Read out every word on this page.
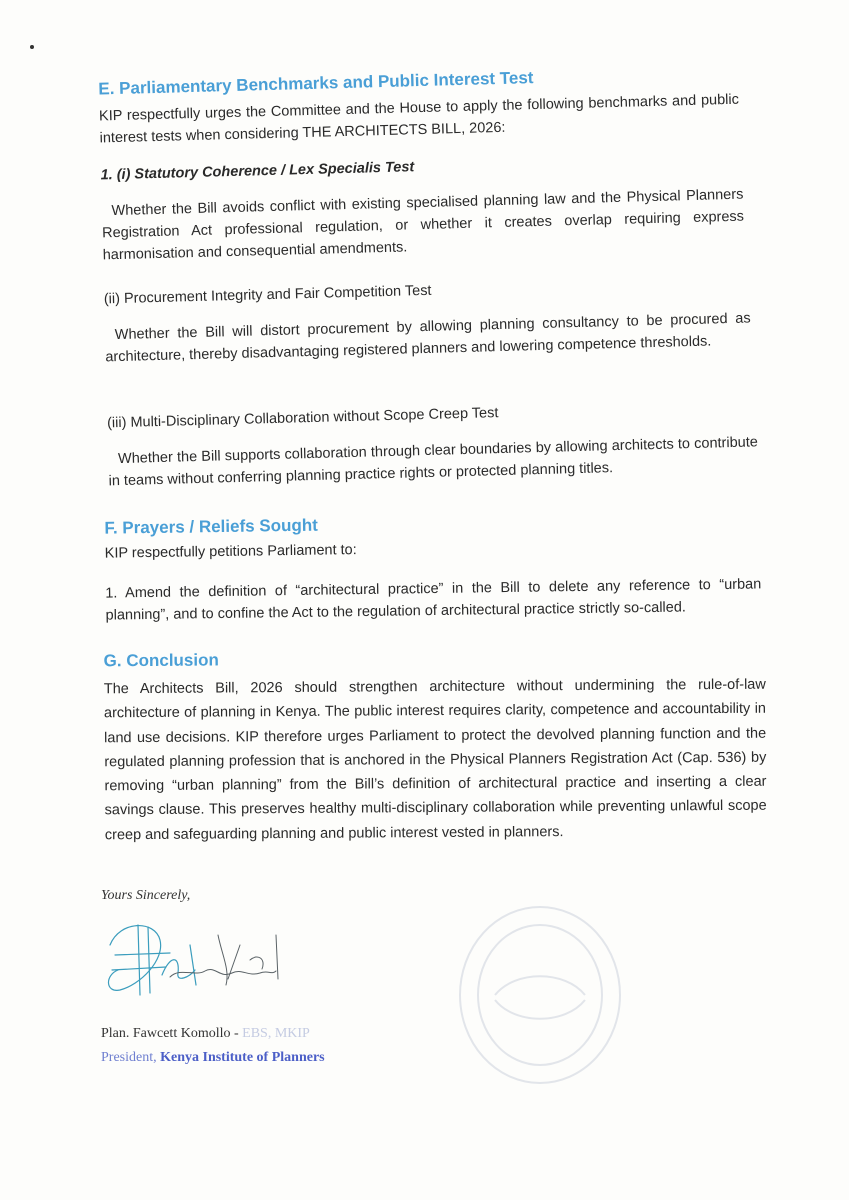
E. Parliamentary Benchmarks and Public Interest Test

KIP respectfully urges the Committee and the House to apply the following benchmarks and public interest tests when considering THE ARCHITECTS BILL, 2026:

1. (i) Statutory Coherence / Lex Specialis Test

Whether the Bill avoids conflict with existing specialised planning law and the Physical Planners Registration Act professional regulation, or whether it creates overlap requiring express harmonisation and consequential amendments.

(ii) Procurement Integrity and Fair Competition Test

Whether the Bill will distort procurement by allowing planning consultancy to be procured as architecture, thereby disadvantaging registered planners and lowering competence thresholds.

(iii) Multi-Disciplinary Collaboration without Scope Creep Test

Whether the Bill supports collaboration through clear boundaries by allowing architects to contribute in teams without conferring planning practice rights or protected planning titles.

F. Prayers / Reliefs Sought

KIP respectfully petitions Parliament to:

1. Amend the definition of “architectural practice” in the Bill to delete any reference to “urban planning”, and to confine the Act to the regulation of architectural practice strictly so-called.

G. Conclusion

The Architects Bill, 2026 should strengthen architecture without undermining the rule-of-law architecture of planning in Kenya. The public interest requires clarity, competence and accountability in land use decisions. KIP therefore urges Parliament to protect the devolved planning function and the regulated planning profession that is anchored in the Physical Planners Registration Act (Cap. 536) by removing “urban planning” from the Bill’s definition of architectural practice and inserting a clear savings clause. This preserves healthy multi-disciplinary collaboration while preventing unlawful scope creep and safeguarding planning and public interest vested in planners.

Yours Sincerely,
Plan. Fawcett Komollo - EBS, MKIP
President, Kenya Institute of Planners
